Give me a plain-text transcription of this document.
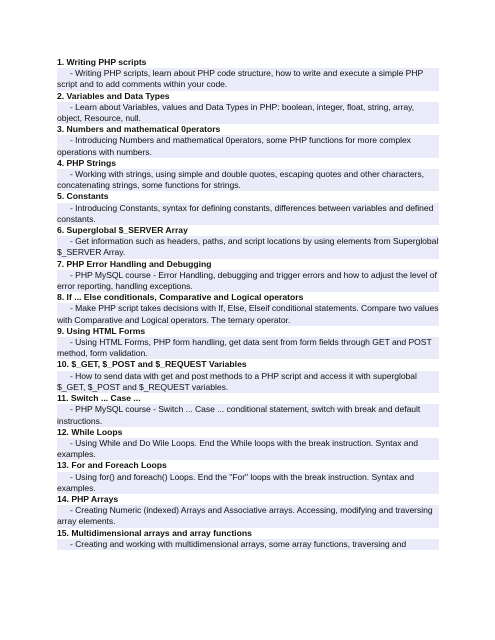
1. Writing PHP scripts
- Writing PHP scripts, learn about PHP code structure, how to write and execute a simple PHP script and to add comments within your code.
2. Variables and Data Types
- Learn about Variables, values and Data Types in PHP: boolean, integer, float, string, array, object, Resource, null.
3. Numbers and mathematical 0perators
- Introducing Numbers and mathematical 0perators, some PHP functions for more complex operations with numbers.
4. PHP Strings
- Working with strings, using simple and double quotes, escaping quotes and other characters, concatenating strings, some functions for strings.
5. Constants
- Introducing Constants, syntax for defining constants, differences between variables and defined constants.
6. Superglobal $_SERVER Array
- Get information such as headers, paths, and script locations by using elements from Superglobal $_SERVER Array.
7. PHP Error Handling and Debugging
- PHP MySQL course - Error Handling, debugging and trigger errors and how to adjust the level of error reporting, handling exceptions.
8. If ... Else conditionals, Comparative and Logical operators
- Make PHP script takes decisions with If, Else, Elseif conditional statements. Compare two values with Comparative and Logical operators. The ternary operator.
9. Using HTML Forms
- Using HTML Forms, PHP form handling, get data sent from form fields through GET and POST method, form validation.
10. $_GET, $_POST and $_REQUEST Variables
- How to send data with get and post methods to a PHP script and access it with superglobal $_GET, $_POST and $_REQUEST variables.
11. Switch ... Case ...
- PHP MySQL course - Switch ... Case ... conditional statement, switch with break and default instructions.
12. While Loops
- Using While and Do Wile Loops. End the While loops with the break instruction. Syntax and examples.
13. For and Foreach Loops
- Using for() and foreach() Loops. End the "For" loops with the break instruction. Syntax and examples.
14. PHP Arrays
- Creating Numeric (indexed) Arrays and Associative arrays. Accessing, modifying and traversing array elements.
15. Multidimensional arrays and array functions
- Creating and working with multidimensional arrays, some array functions, traversing and
